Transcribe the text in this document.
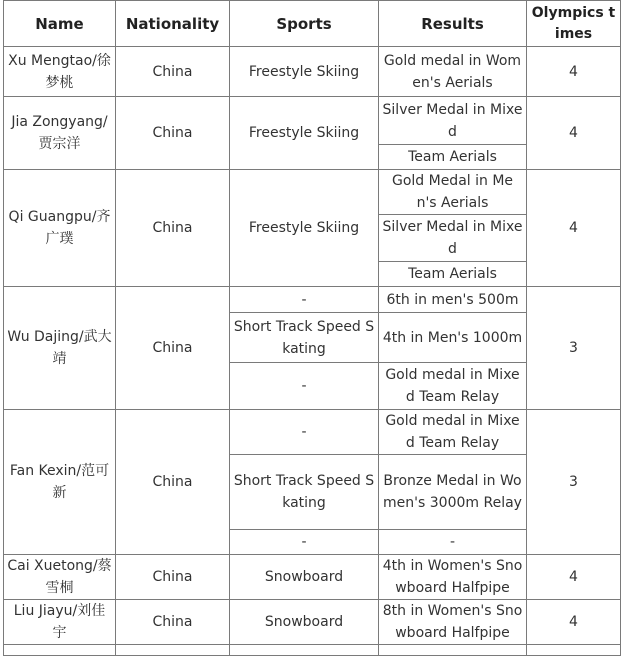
Name	Nationality	Sports	Results	Olympics times
Xu Mengtao/徐梦桃	China	Freestyle Skiing	Gold medal in Women's Aerials	4
Jia Zongyang/贾宗洋	China	Freestyle Skiing	Silver Medal in Mixed	4
			Team Aerials	
Qi Guangpu/齐广璞	China	Freestyle Skiing	Gold Medal in Men's Aerials	4
			Silver Medal in Mixed	
			Team Aerials	
Wu Dajing/武大靖	China	-	6th in men's 500m	3
		Short Track Speed Skating	4th in Men's 1000m	
		-	Gold medal in Mixed Team Relay	
Fan Kexin/范可新	China	-	Gold medal in Mixed Team Relay	3
		Short Track Speed Skating	Bronze Medal in Women's 3000m Relay	
		-	-	
Cai Xuetong/蔡雪桐	China	Snowboard	4th in Women's Snowboard Halfpipe	4
Liu Jiayu/刘佳宇	China	Snowboard	8th in Women's Snowboard Halfpipe	4
